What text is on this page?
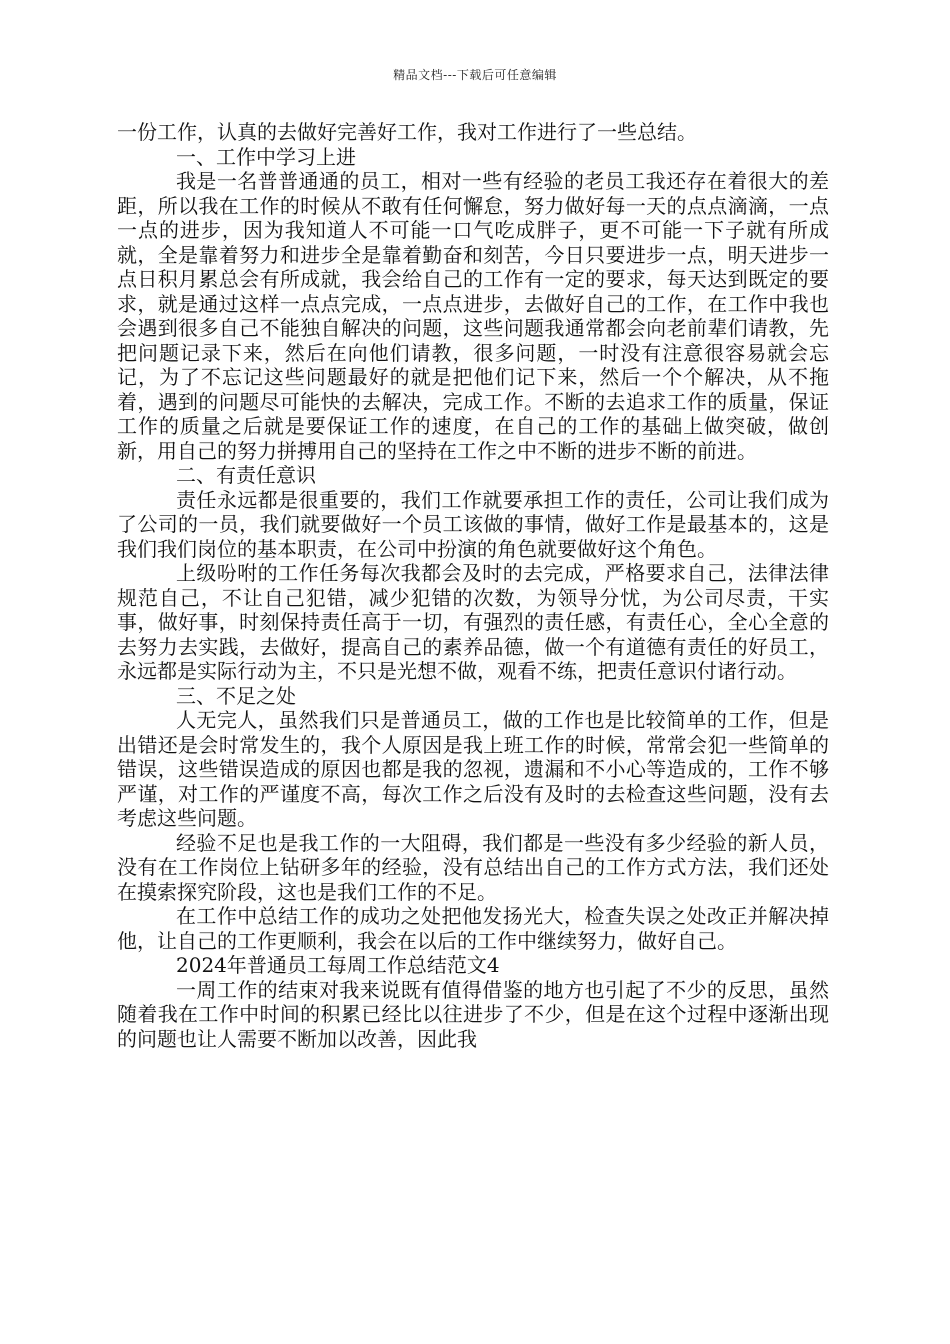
精品文档---下载后可任意编辑

一份工作，认真的去做好完善好工作，我对工作进行了一些总结。

一、工作中学习上进

我是一名普普通通的员工，相对一些有经验的老员工我还存在着很大的差距，所以我在工作的时候从不敢有任何懈怠，努力做好每一天的点点滴滴，一点一点的进步，因为我知道人不可能一口气吃成胖子，更不可能一下子就有所成就，全是靠着努力和进步全是靠着勤奋和刻苦，今日只要进步一点，明天进步一点日积月累总会有所成就，我会给自己的工作有一定的要求，每天达到既定的要求，就是通过这样一点点完成，一点点进步，去做好自己的工作，在工作中我也会遇到很多自己不能独自解决的问题，这些问题我通常都会向老前辈们请教，先把问题记录下来，然后在向他们请教，很多问题，一时没有注意很容易就会忘记，为了不忘记这些问题最好的就是把他们记下来，然后一个个解决，从不拖着，遇到的问题尽可能快的去解决，完成工作。不断的去追求工作的质量，保证工作的质量之后就是要保证工作的速度，在自己的工作的基础上做突破，做创新，用自己的努力拼搏用自己的坚持在工作之中不断的进步不断的前进。

二、有责任意识

责任永远都是很重要的，我们工作就要承担工作的责任，公司让我们成为了公司的一员，我们就要做好一个员工该做的事情，做好工作是最基本的，这是我们我们岗位的基本职责，在公司中扮演的角色就要做好这个角色。

上级吩咐的工作任务每次我都会及时的去完成，严格要求自己，法律法律规范自己，不让自己犯错，减少犯错的次数，为领导分忧，为公司尽责，干实事，做好事，时刻保持责任高于一切，有强烈的责任感，有责任心，全心全意的去努力去实践，去做好，提高自己的素养品德，做一个有道德有责任的好员工，永远都是实际行动为主，不只是光想不做，观看不练，把责任意识付诸行动。

三、不足之处

人无完人，虽然我们只是普通员工，做的工作也是比较简单的工作，但是出错还是会时常发生的，我个人原因是我上班工作的时候，常常会犯一些简单的错误，这些错误造成的原因也都是我的忽视，遗漏和不小心等造成的，工作不够严谨，对工作的严谨度不高，每次工作之后没有及时的去检查这些问题，没有去考虑这些问题。

经验不足也是我工作的一大阻碍，我们都是一些没有多少经验的新人员，没有在工作岗位上钻研多年的经验，没有总结出自己的工作方式方法，我们还处在摸索探究阶段，这也是我们工作的不足。

在工作中总结工作的成功之处把他发扬光大，检查失误之处改正并解决掉他，让自己的工作更顺利，我会在以后的工作中继续努力，做好自己。

2024年普通员工每周工作总结范文4

一周工作的结束对我来说既有值得借鉴的地方也引起了不少的反思，虽然随着我在工作中时间的积累已经比以往进步了不少，但是在这个过程中逐渐出现的问题也让人需要不断加以改善，因此我
